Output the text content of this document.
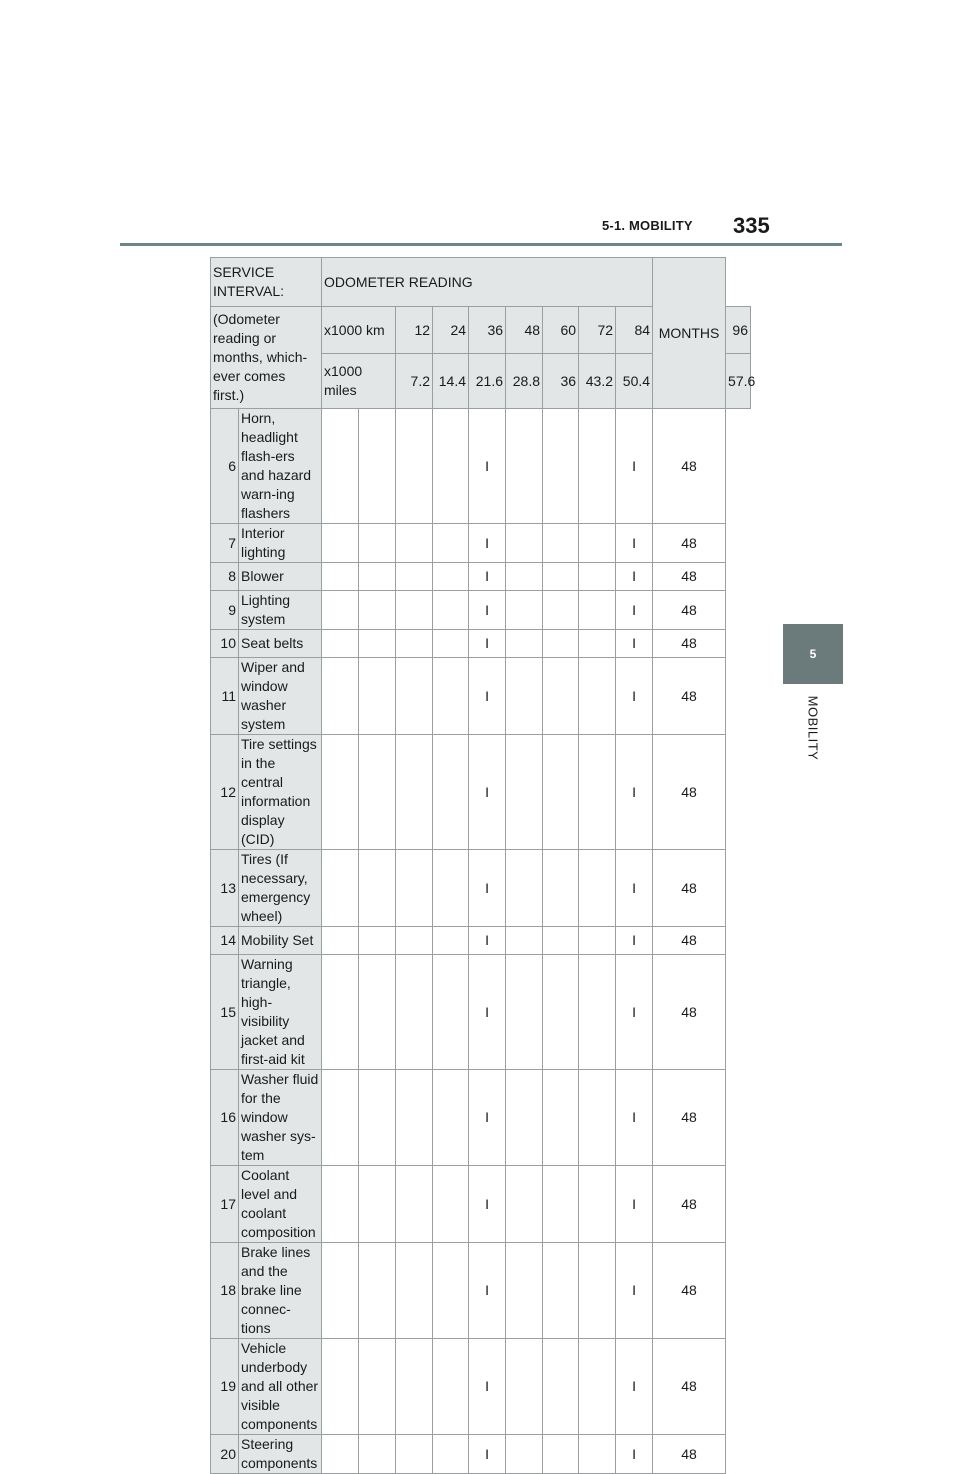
5-1. MOBILITY 335
5
MOBILITY
SERVICE INTERVAL:		ODOMETER READING									MONTHS	
(Odometer reading or months, which-ever comes first.)		x1000 km		12	24	36	48	60	72	84		96
		x1000 miles		7.2	14.4	21.6	28.8	36	43.2	50.4		57.6
6	Horn, headlight flash-ers and hazard warn-ing flashers					I				I	48	
7	Interior lighting					I				I	48	
8	Blower					I				I	48	
9	Lighting system					I				I	48	
10	Seat belts					I				I	48	
11	Wiper and window washer system					I				I	48	
12	Tire settings in the central information display (CID)					I				I	48	
13	Tires (If necessary, emergency wheel)					I				I	48	
14	Mobility Set					I				I	48	
15	Warning triangle, high-visibility jacket and first-aid kit					I				I	48	
16	Washer fluid for the window washer sys-tem					I				I	48	
17	Coolant level and coolant composition					I				I	48	
18	Brake lines and the brake line connec-tions					I				I	48	
19	Vehicle underbody and all other visible components					I				I	48	
20	Steering components					I				I	48	
